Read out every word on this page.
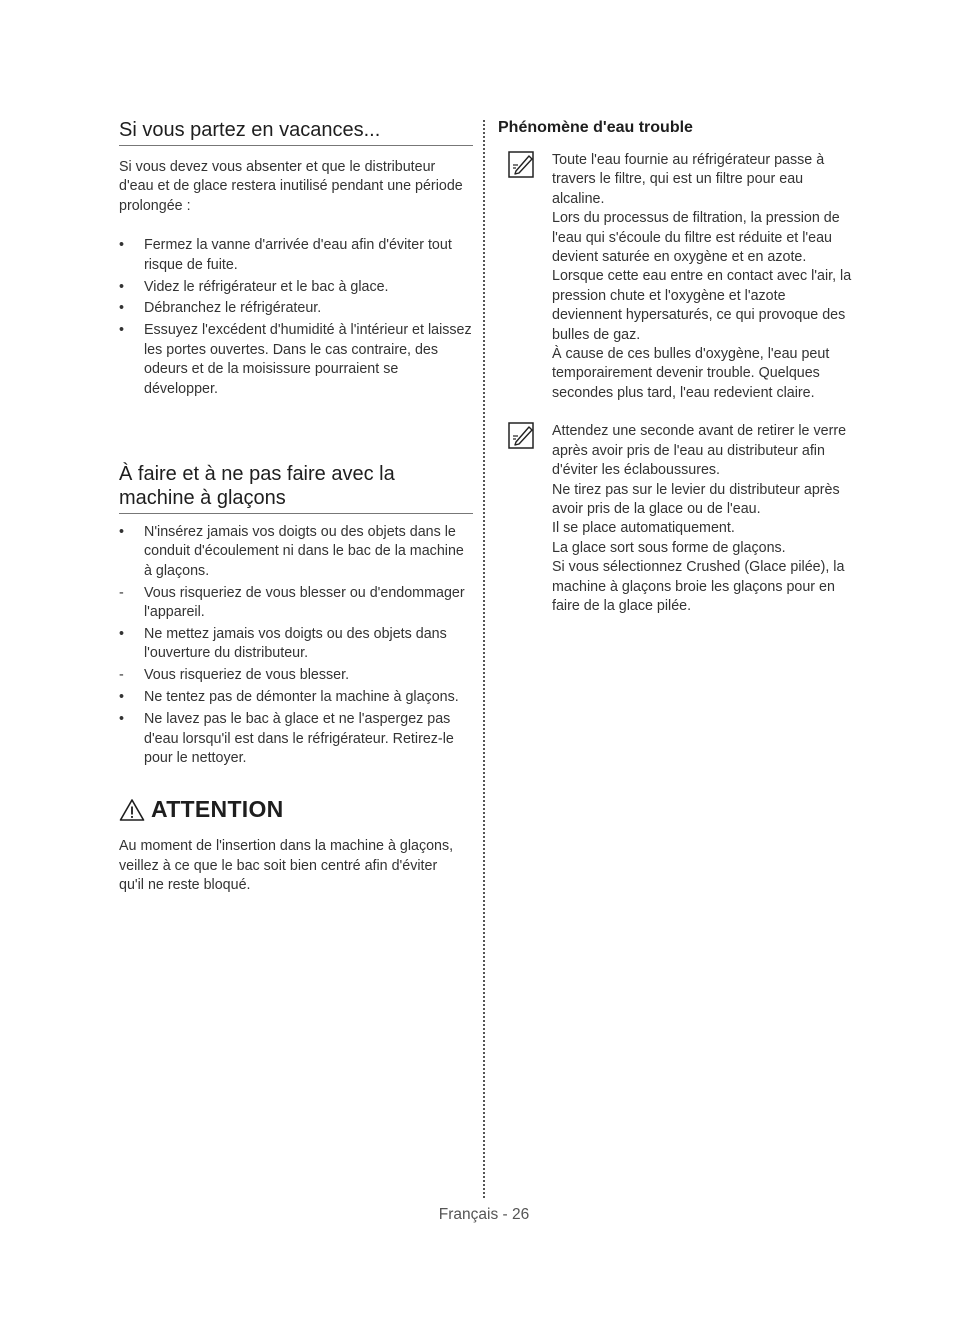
Si vous partez en vacances...

Si vous devez vous absenter et que le distributeur d'eau et de glace restera inutilisé pendant une période prolongée :

•	Fermez la vanne d'arrivée d'eau afin d'éviter tout risque de fuite.
•	Videz le réfrigérateur et le bac à glace.
•	Débranchez le réfrigérateur.
•	Essuyez l'excédent d'humidité à l'intérieur et laissez les portes ouvertes. Dans le cas contraire, des odeurs et de la moisissure pourraient se développer.
À faire et à ne pas faire avec la machine à glaçons
•	N'insérez jamais vos doigts ou des objets dans le conduit d'écoulement ni dans le bac de la machine à glaçons.
-	Vous risqueriez de vous blesser ou d'endommager l'appareil.
•	Ne mettez jamais vos doigts ou des objets dans l'ouverture du distributeur.
-	Vous risqueriez de vous blesser.
•	Ne tentez pas de démonter la machine à glaçons.
•	Ne lavez pas le bac à glace et ne l'aspergez pas d'eau lorsqu'il est dans le réfrigérateur. Retirez-le pour le nettoyer.
ATTENTION

Au moment de l'insertion dans la machine à glaçons, veillez à ce que le bac soit bien centré afin d'éviter qu'il ne reste bloqué.

Phénomène d'eau trouble

Toute l'eau fournie au réfrigérateur passe à travers le filtre, qui est un filtre pour eau alcaline.

Lors du processus de filtration, la pression de l'eau qui s'écoule du filtre est réduite et l'eau devient saturée en oxygène et en azote. Lorsque cette eau entre en contact avec l'air, la pression chute et l'oxygène et l'azote deviennent hypersaturés, ce qui provoque des bulles de gaz.

À cause de ces bulles d'oxygène, l'eau peut temporairement devenir trouble. Quelques secondes plus tard, l'eau redevient claire.

Attendez une seconde avant de retirer le verre après avoir pris de l'eau au distributeur afin d'éviter les éclaboussures.

Ne tirez pas sur le levier du distributeur après avoir pris de la glace ou de l'eau.

Il se place automatiquement.

La glace sort sous forme de glaçons.

Si vous sélectionnez Crushed (Glace pilée), la machine à glaçons broie les glaçons pour en faire de la glace pilée.

Français - 26
